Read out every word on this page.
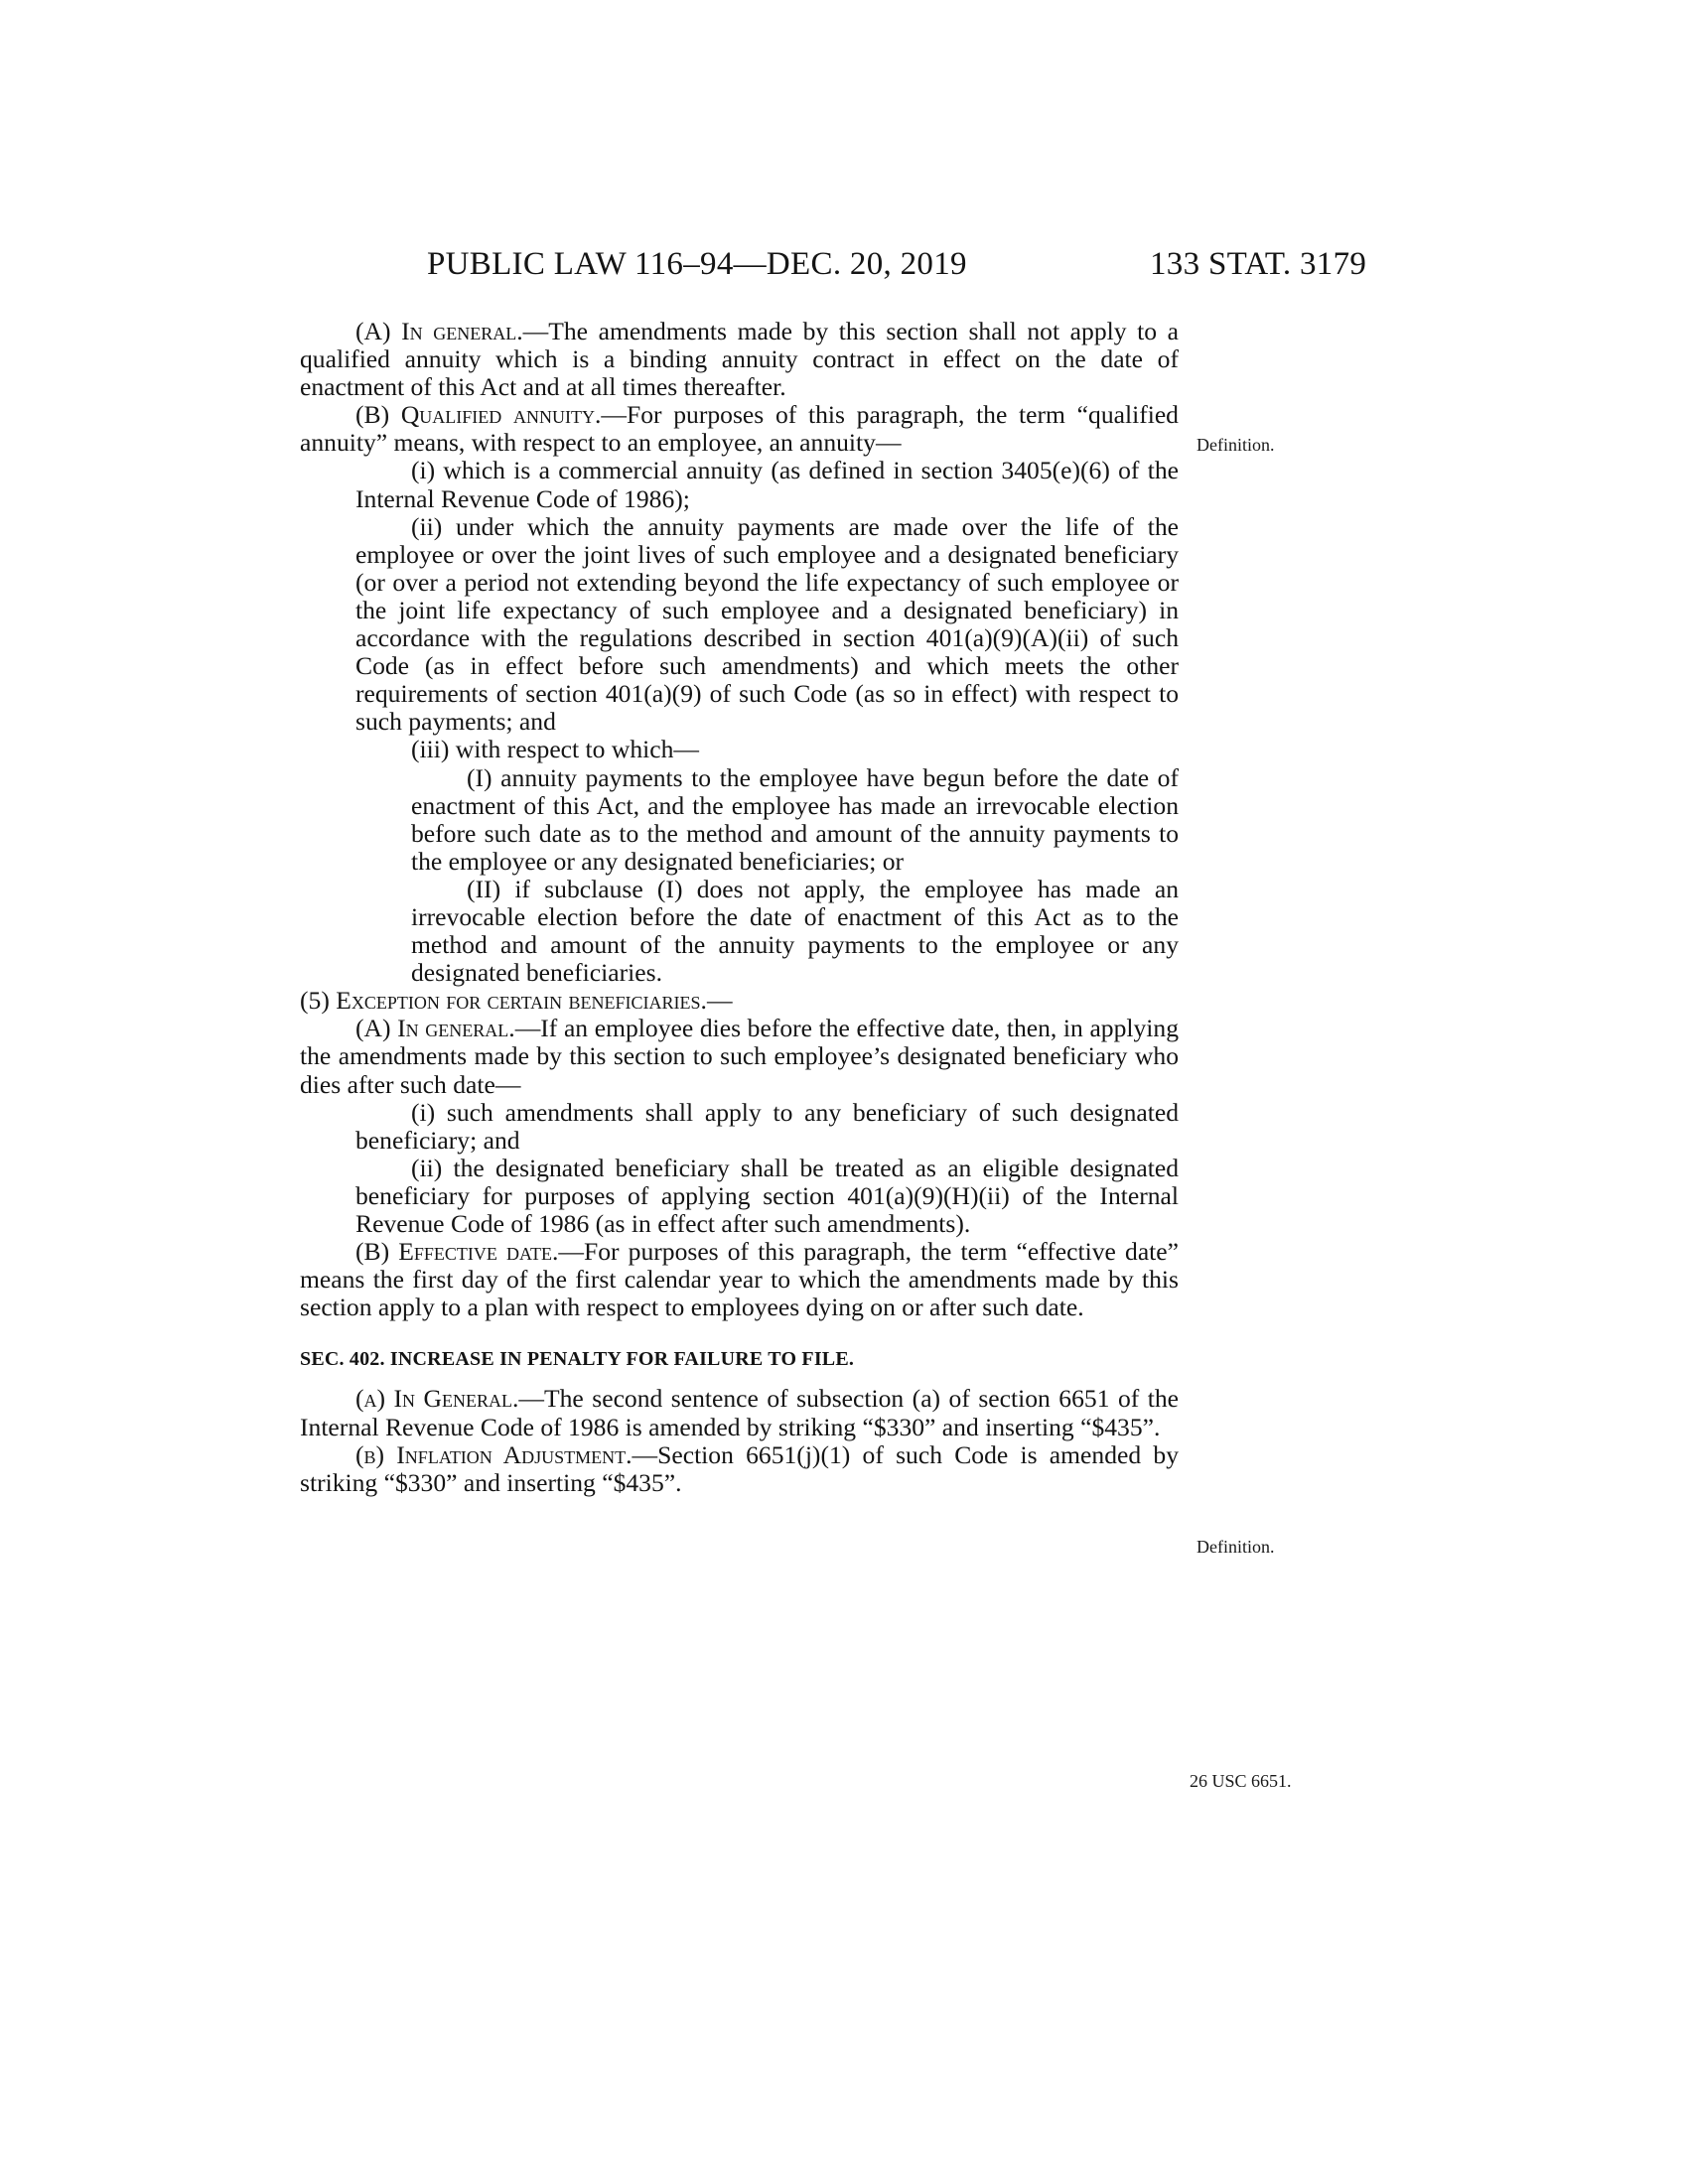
PUBLIC LAW 116–94—DEC. 20, 2019	133 STAT. 3179

(A) In general.—The amendments made by this section shall not apply to a qualified annuity which is a binding annuity contract in effect on the date of enactment of this Act and at all times thereafter.

(B) Qualified annuity.—For purposes of this paragraph, the term “qualified annuity” means, with respect to an employee, an annuity—

(i) which is a commercial annuity (as defined in section 3405(e)(6) of the Internal Revenue Code of 1986);

(ii) under which the annuity payments are made over the life of the employee or over the joint lives of such employee and a designated beneficiary (or over a period not extending beyond the life expectancy of such employee or the joint life expectancy of such employee and a designated beneficiary) in accordance with the regulations described in section 401(a)(9)(A)(ii) of such Code (as in effect before such amendments) and which meets the other requirements of section 401(a)(9) of such Code (as so in effect) with respect to such payments; and

(iii) with respect to which—

(I) annuity payments to the employee have begun before the date of enactment of this Act, and the employee has made an irrevocable election before such date as to the method and amount of the annuity payments to the employee or any designated beneficiaries; or

(II) if subclause (I) does not apply, the employee has made an irrevocable election before the date of enactment of this Act as to the method and amount of the annuity payments to the employee or any designated beneficiaries.

(5) Exception for certain beneficiaries.—

(A) In general.—If an employee dies before the effective date, then, in applying the amendments made by this section to such employee’s designated beneficiary who dies after such date—

(i) such amendments shall apply to any beneficiary of such designated beneficiary; and

(ii) the designated beneficiary shall be treated as an eligible designated beneficiary for purposes of applying section 401(a)(9)(H)(ii) of the Internal Revenue Code of 1986 (as in effect after such amendments).

(B) Effective date.—For purposes of this paragraph, the term “effective date” means the first day of the first calendar year to which the amendments made by this section apply to a plan with respect to employees dying on or after such date.

SEC. 402. INCREASE IN PENALTY FOR FAILURE TO FILE.

(a) In General.—The second sentence of subsection (a) of section 6651 of the Internal Revenue Code of 1986 is amended by striking “$330” and inserting “$435”.

(b) Inflation Adjustment.—Section 6651(j)(1) of such Code is amended by striking “$330” and inserting “$435”.

Definition.
Definition.
26 USC 6651.
